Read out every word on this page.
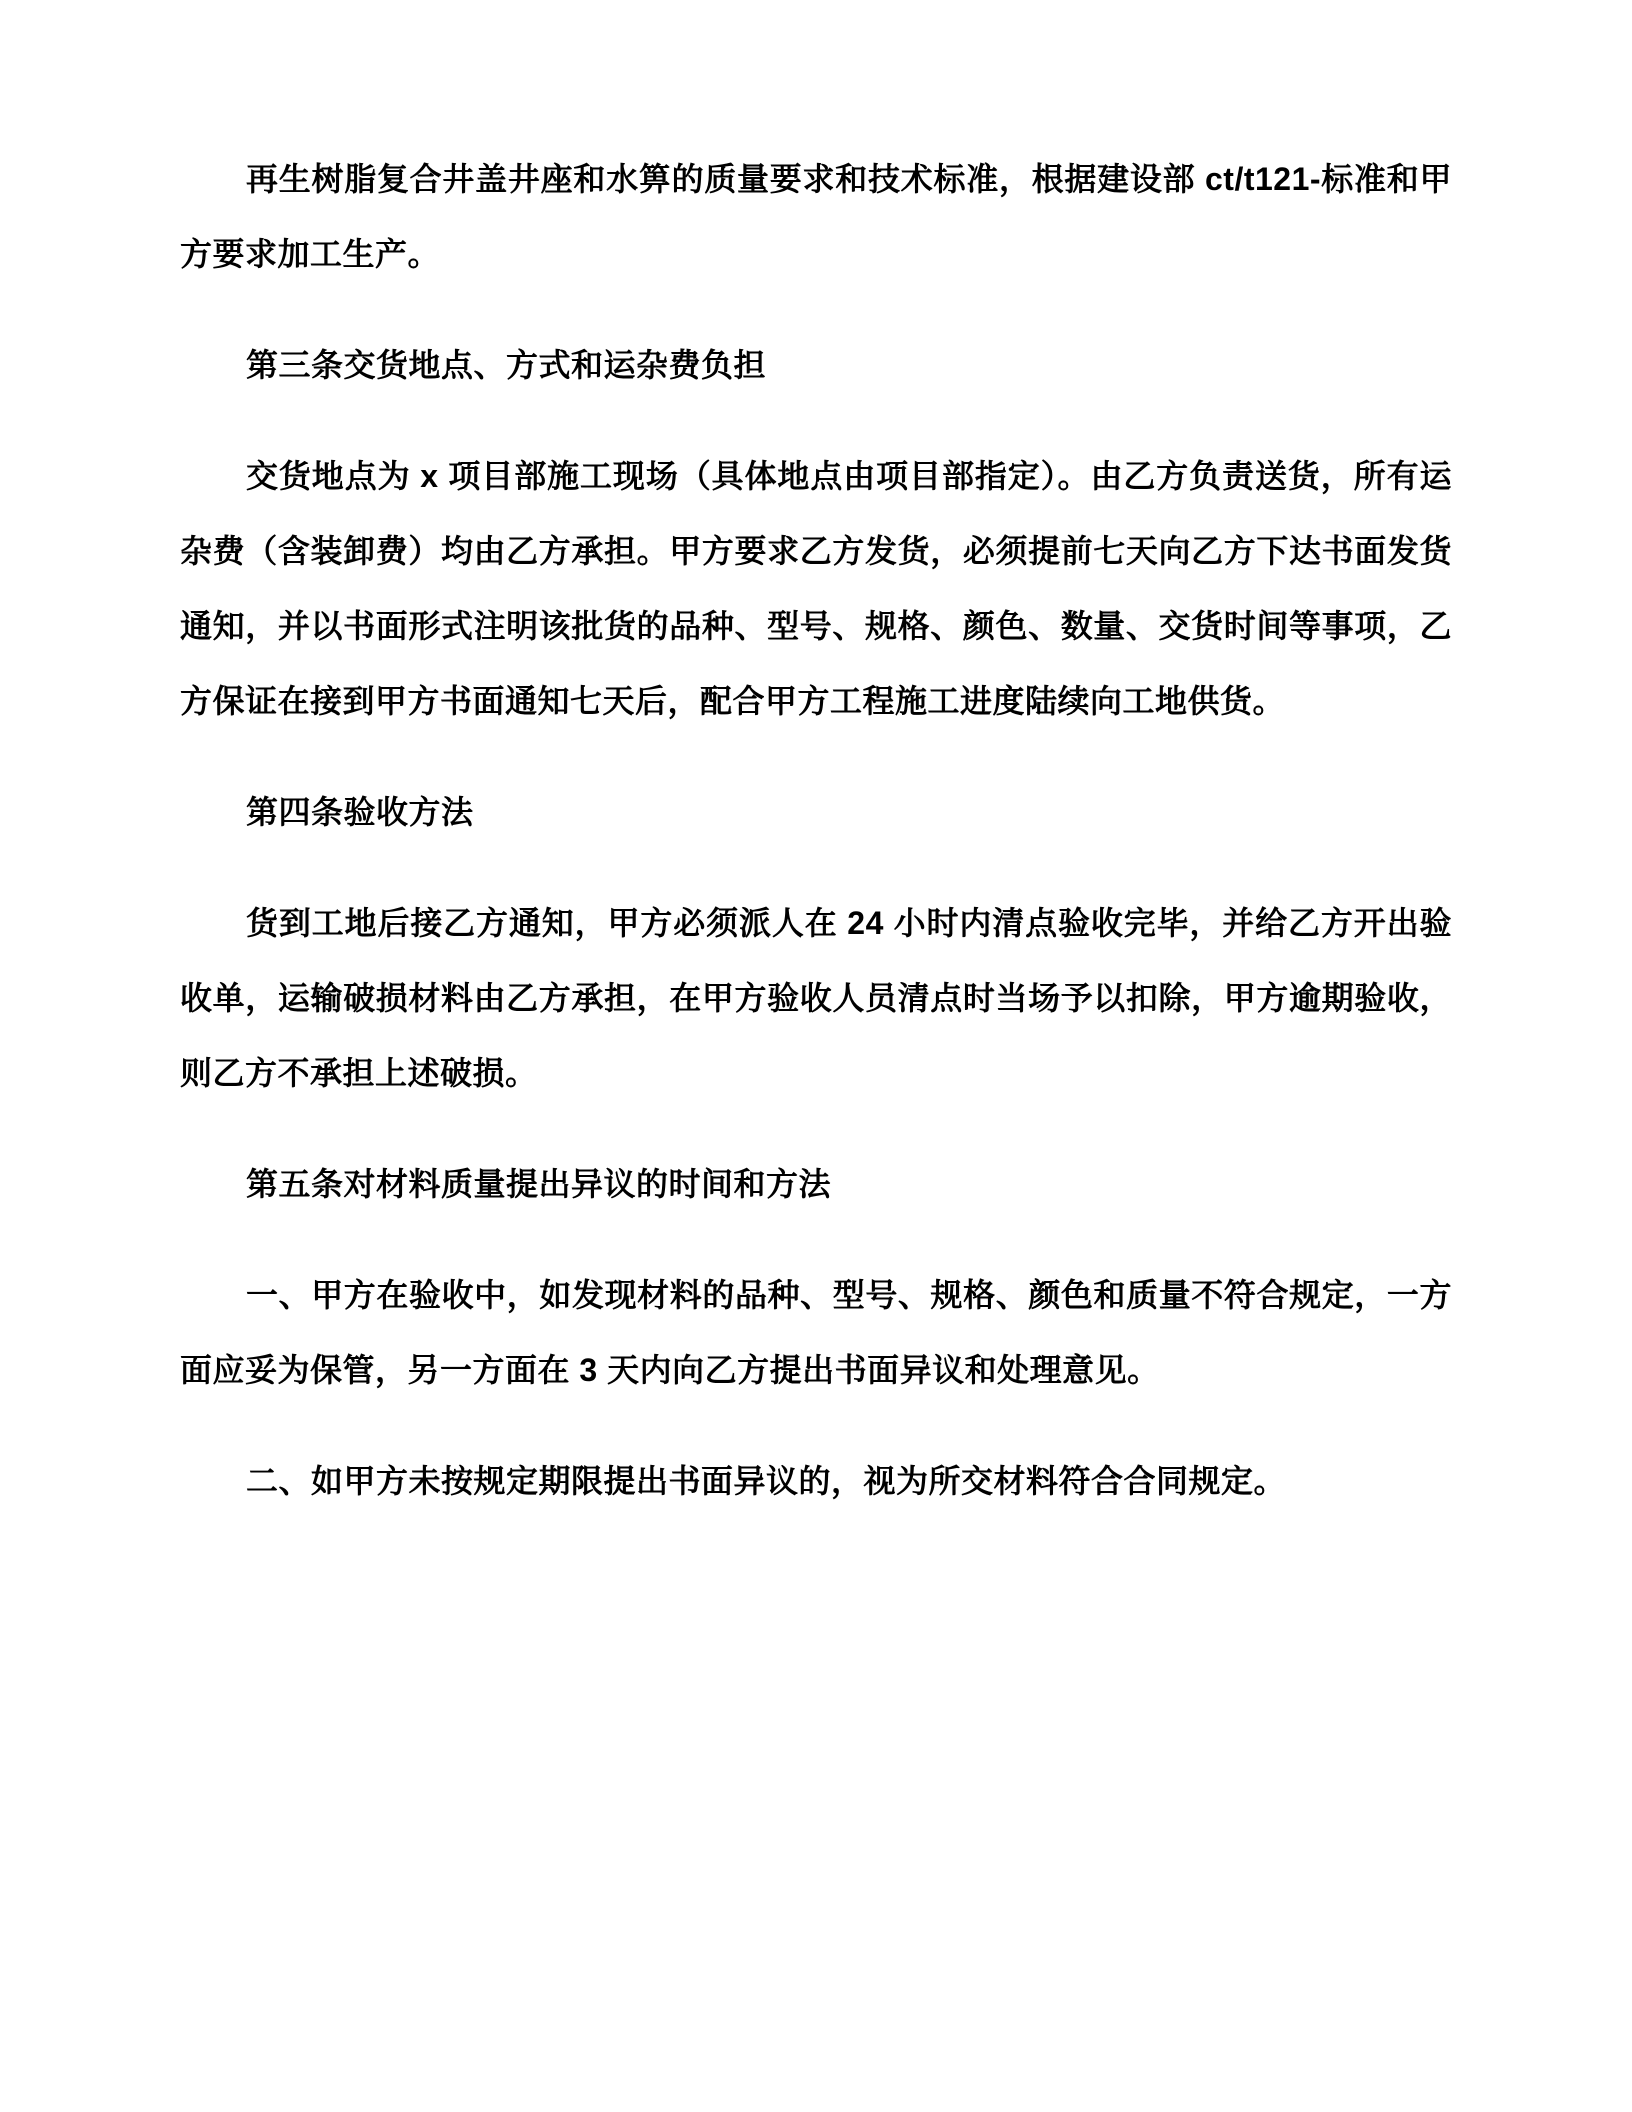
再生树脂复合井盖井座和水箅的质量要求和技术标准，根据建设部 ct/t121-标准和甲方要求加工生产。

第三条交货地点、方式和运杂费负担

交货地点为 x 项目部施工现场（具体地点由项目部指定）。由乙方负责送货，所有运杂费（含装卸费）均由乙方承担。甲方要求乙方发货，必须提前七天向乙方下达书面发货通知，并以书面形式注明该批货的品种、型号、规格、颜色、数量、交货时间等事项，乙方保证在接到甲方书面通知七天后，配合甲方工程施工进度陆续向工地供货。

第四条验收方法

货到工地后接乙方通知，甲方必须派人在 24 小时内清点验收完毕，并给乙方开出验收单，运输破损材料由乙方承担，在甲方验收人员清点时当场予以扣除，甲方逾期验收，则乙方不承担上述破损。

第五条对材料质量提出异议的时间和方法

一、甲方在验收中，如发现材料的品种、型号、规格、颜色和质量不符合规定，一方面应妥为保管，另一方面在 3 天内向乙方提出书面异议和处理意见。

二、如甲方未按规定期限提出书面异议的，视为所交材料符合合同规定。
